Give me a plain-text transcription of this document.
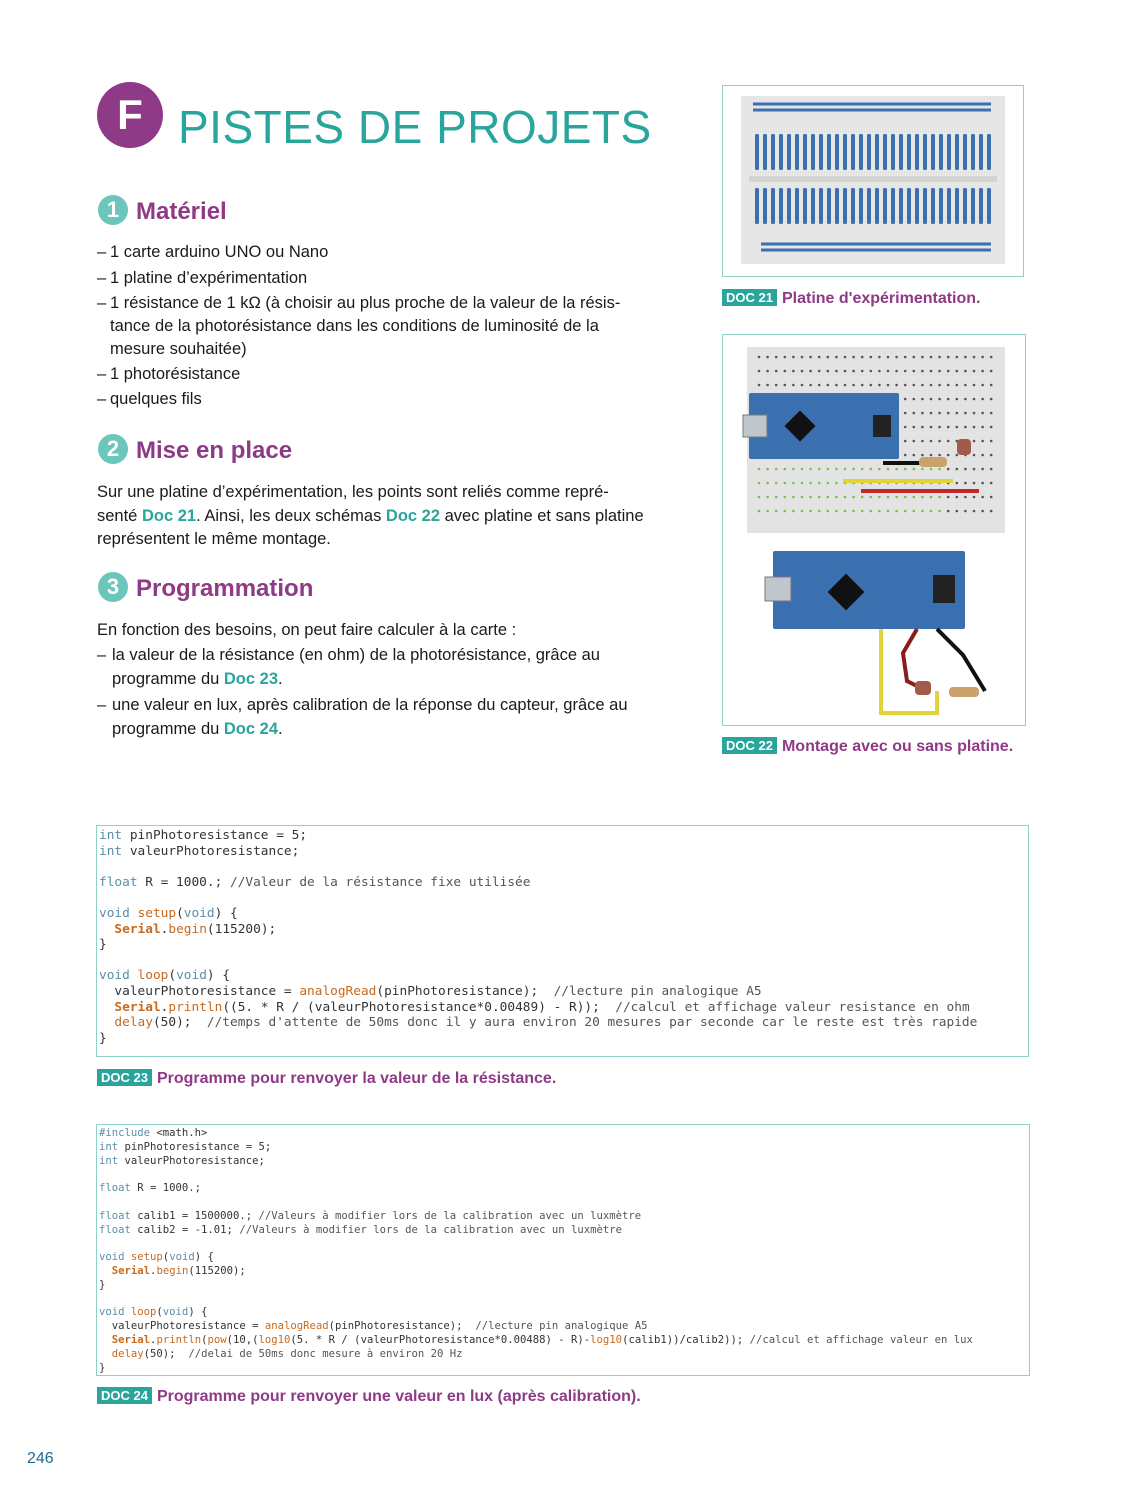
F PISTES DE PROJETS
1 Matériel
– 1 carte arduino UNO ou Nano
– 1 platine d’expérimentation
– 1 résistance de 1 kΩ (à choisir au plus proche de la valeur de la résis-
tance de la photorésistance dans les conditions de luminosité de la
mesure souhaitée)
– 1 photorésistance
– quelques fils
2 Mise en place
Sur une platine d’expérimentation, les points sont reliés comme repré-
senté Doc 21. Ainsi, les deux schémas Doc 22 avec platine et sans platine
représentent le même montage.
3 Programmation
En fonction des besoins, on peut faire calculer à la carte :
– la valeur de la résistance (en ohm) de la photorésistance, grâce au
programme du Doc 23.
– une valeur en lux, après calibration de la réponse du capteur, grâce au
programme du Doc 24.
DOC 21 Platine d'expérimentation.
DOC 22 Montage avec ou sans platine.
int pinPhotoresistance = 5;
int valeurPhotoresistance;

float R = 1000.; //Valeur de la résistance fixe utilisée

void setup(void) {
Serial.begin(115200);
}

void loop(void) {
valeurPhotoresistance = analogRead(pinPhotoresistance);  //lecture pin analogique A5
Serial.println((5. * R / (valeurPhotoresistance*0.00489) - R));  //calcul et affichage valeur resistance en ohm
delay(50);  //temps d'attente de 50ms donc il y aura environ 20 mesures par seconde car le reste est très rapide
}
DOC 23 Programme pour renvoyer la valeur de la résistance.
#include <math.h>
int pinPhotoresistance = 5;
int valeurPhotoresistance;

float R = 1000.;

float calib1 = 1500000.; //Valeurs à modifier lors de la calibration avec un luxmètre
float calib2 = -1.01; //Valeurs à modifier lors de la calibration avec un luxmètre

void setup(void) {
Serial.begin(115200);
}

void loop(void) {
valeurPhotoresistance = analogRead(pinPhotoresistance);  //lecture pin analogique A5
Serial.println(pow(10,(log10(5. * R / (valeurPhotoresistance*0.00488) - R)-log10(calib1))/calib2)); //calcul et affichage valeur en lux
delay(50);  //delai de 50ms donc mesure à environ 20 Hz
}
DOC 24 Programme pour renvoyer une valeur en lux (après calibration).
246
